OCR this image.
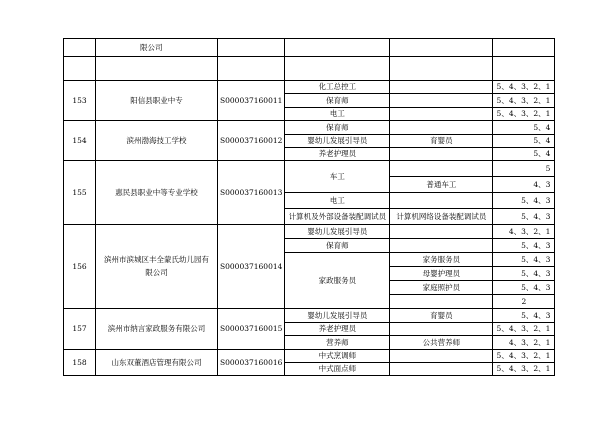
	限公司				

153	阳信县职业中专	S000037160011	化工总控工		5、4、3、2、1
			保育师		5、4、3、2、1
			电工		5、4、3、2、1
154	滨州渤海技工学校	S000037160012	保育师		5、4
			婴幼儿发展引导员	育婴员	5、4
			养老护理员		5、4
155	惠民县职业中等专业学校	S000037160013	车工		5
				普通车工	4、3
			电工		5、4、3
			计算机及外部设备装配调试员	计算机网络设备装配调试员	5、4、3
156	滨州市滨城区丰全蒙氏幼儿园有限公司	S000037160014	婴幼儿发展引导员		4、3、2、1
			保育师		5、4、3
			家政服务员	家务服务员	5、4、3
				母婴护理员	5、4、3
				家庭照护员	5、4、3
					2
157	滨州市纳言家政服务有限公司	S000037160015	婴幼儿发展引导员	育婴员	5、4、3
			养老护理员		5、4、3、2、1
			营养师	公共营养师	4、3、2、1
158	山东双董酒店管理有限公司	S000037160016	中式烹调师		5、4、3、2、1
			中式面点师		5、4、3、2、1
